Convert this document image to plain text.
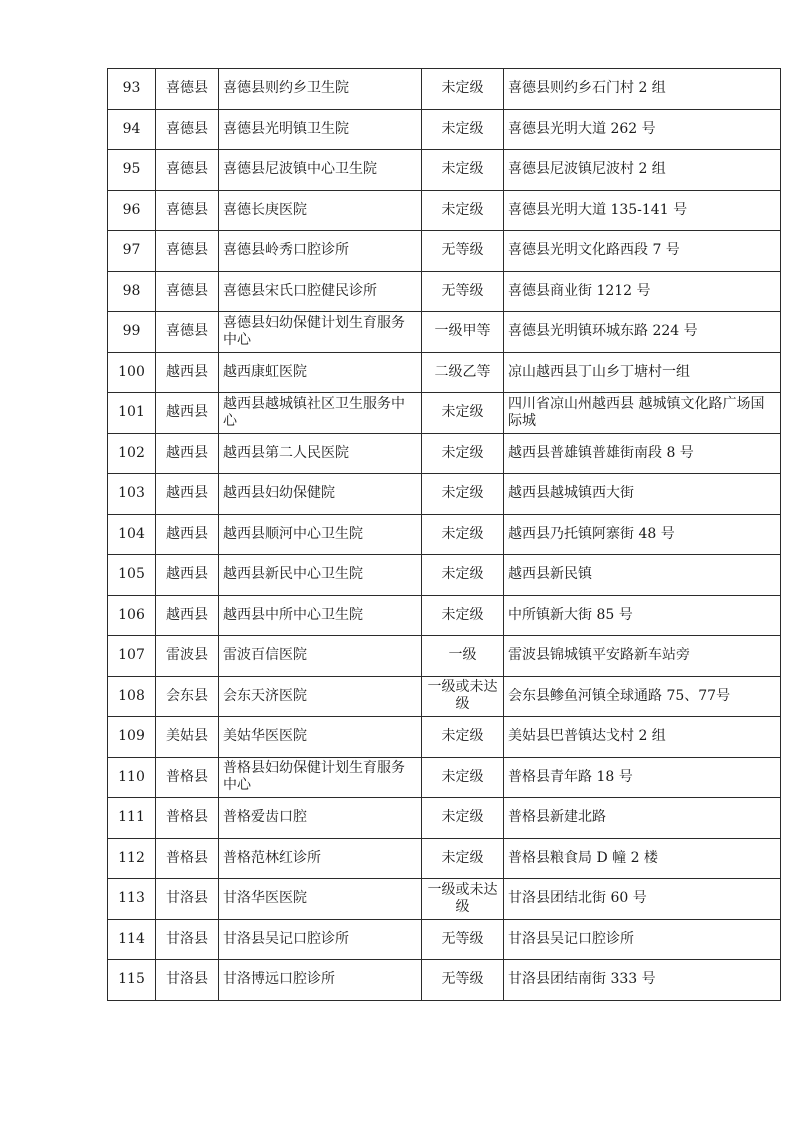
93	喜德县	喜德县则约乡卫生院	未定级	喜德县则约乡石门村 2 组
94	喜德县	喜德县光明镇卫生院	未定级	喜德县光明大道 262 号
95	喜德县	喜德县尼波镇中心卫生院	未定级	喜德县尼波镇尼波村 2 组
96	喜德县	喜德长庚医院	未定级	喜德县光明大道 135-141 号
97	喜德县	喜德县岭秀口腔诊所	无等级	喜德县光明文化路西段 7 号
98	喜德县	喜德县宋氏口腔健民诊所	无等级	喜德县商业街 1212 号
99	喜德县	喜德县妇幼保健计划生育服务中心	一级甲等	喜德县光明镇环城东路 224 号
100	越西县	越西康虹医院	二级乙等	凉山越西县丁山乡丁塘村一组
101	越西县	越西县越城镇社区卫生服务中心	未定级	四川省凉山州越西县 越城镇文化路广场国际城
102	越西县	越西县第二人民医院	未定级	越西县普雄镇普雄街南段 8 号
103	越西县	越西县妇幼保健院	未定级	越西县越城镇西大街
104	越西县	越西县顺河中心卫生院	未定级	越西县乃托镇阿寨街 48 号
105	越西县	越西县新民中心卫生院	未定级	越西县新民镇
106	越西县	越西县中所中心卫生院	未定级	中所镇新大街 85 号
107	雷波县	雷波百信医院	一级	雷波县锦城镇平安路新车站旁
108	会东县	会东天济医院	一级或未达级	会东县鲹鱼河镇全球通路 75、77号
109	美姑县	美姑华医医院	未定级	美姑县巴普镇达戈村 2 组
110	普格县	普格县妇幼保健计划生育服务中心	未定级	普格县青年路 18 号
111	普格县	普格爱齿口腔	未定级	普格县新建北路
112	普格县	普格范林红诊所	未定级	普格县粮食局 D 幢 2 楼
113	甘洛县	甘洛华医医院	一级或未达级	甘洛县团结北街 60 号
114	甘洛县	甘洛县吴记口腔诊所	无等级	甘洛县吴记口腔诊所
115	甘洛县	甘洛博远口腔诊所	无等级	甘洛县团结南街 333 号
